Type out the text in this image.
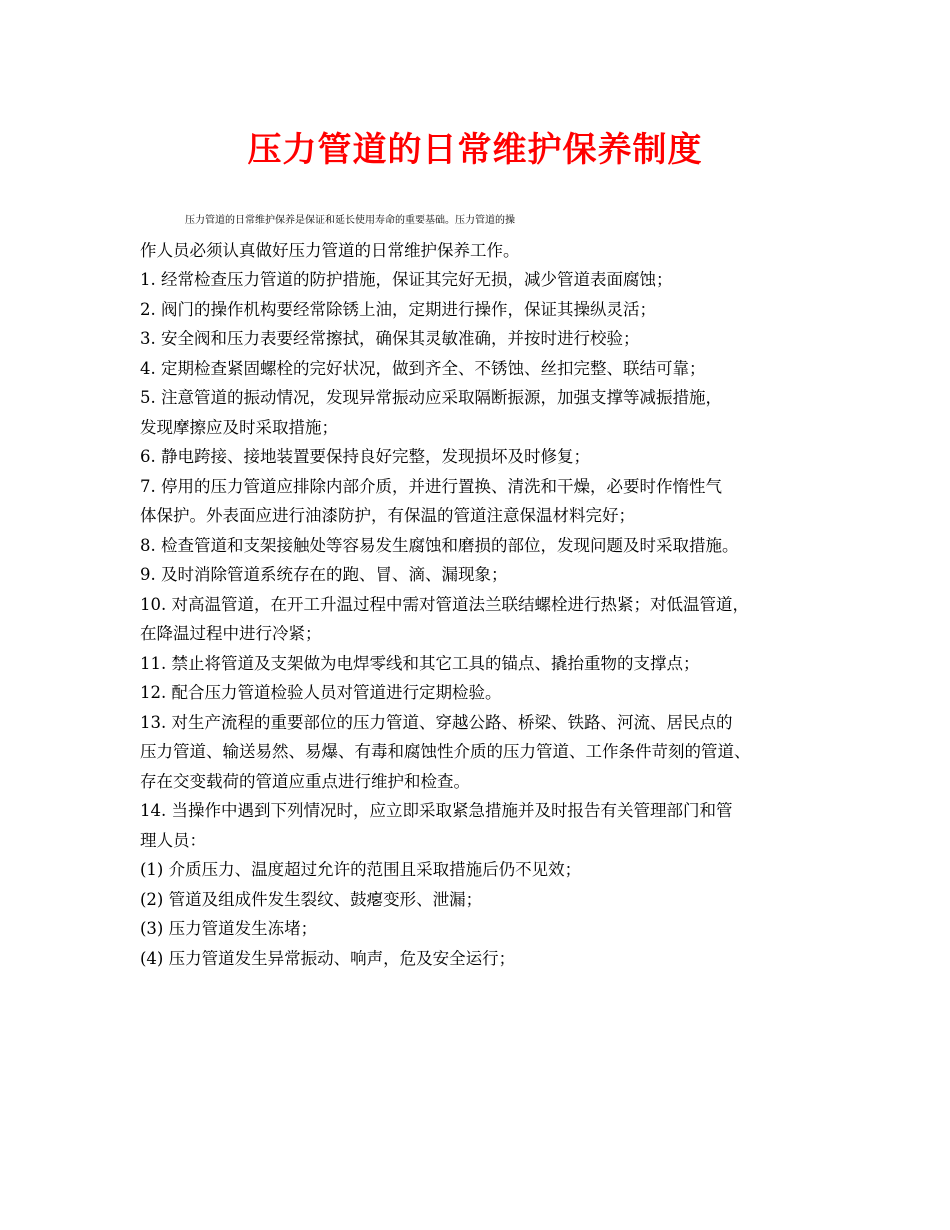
压力管道的日常维护保养制度

压力管道的日常维护保养是保证和延长使用寿命的重要基础。压力管道的操

作人员必须认真做好压力管道的日常维护保养工作。

1. 经常检查压力管道的防护措施，保证其完好无损，减少管道表面腐蚀；

2. 阀门的操作机构要经常除锈上油，定期进行操作，保证其操纵灵活；

3. 安全阀和压力表要经常擦拭，确保其灵敏准确，并按时进行校验；

4. 定期检查紧固螺栓的完好状况，做到齐全、不锈蚀、丝扣完整、联结可靠；

5. 注意管道的振动情况，发现异常振动应采取隔断振源，加强支撑等减振措施，

发现摩擦应及时采取措施；

6. 静电跨接、接地装置要保持良好完整，发现损坏及时修复；

7. 停用的压力管道应排除内部介质，并进行置换、清洗和干燥，必要时作惰性气

体保护。外表面应进行油漆防护，有保温的管道注意保温材料完好；

8. 检查管道和支架接触处等容易发生腐蚀和磨损的部位，发现问题及时采取措施。

9. 及时消除管道系统存在的跑、冒、滴、漏现象；

10. 对高温管道，在开工升温过程中需对管道法兰联结螺栓进行热紧；对低温管道，

在降温过程中进行冷紧；

11. 禁止将管道及支架做为电焊零线和其它工具的锚点、撬抬重物的支撑点；

12. 配合压力管道检验人员对管道进行定期检验。

13. 对生产流程的重要部位的压力管道、穿越公路、桥梁、铁路、河流、居民点的

压力管道、输送易然、易爆、有毒和腐蚀性介质的压力管道、工作条件苛刻的管道、

存在交变载荷的管道应重点进行维护和检查。

14. 当操作中遇到下列情况时，应立即采取紧急措施并及时报告有关管理部门和管

理人员：

(1) 介质压力、温度超过允许的范围且采取措施后仍不见效；

(2) 管道及组成件发生裂纹、鼓瘪变形、泄漏；

(3) 压力管道发生冻堵；

(4) 压力管道发生异常振动、响声，危及安全运行；
